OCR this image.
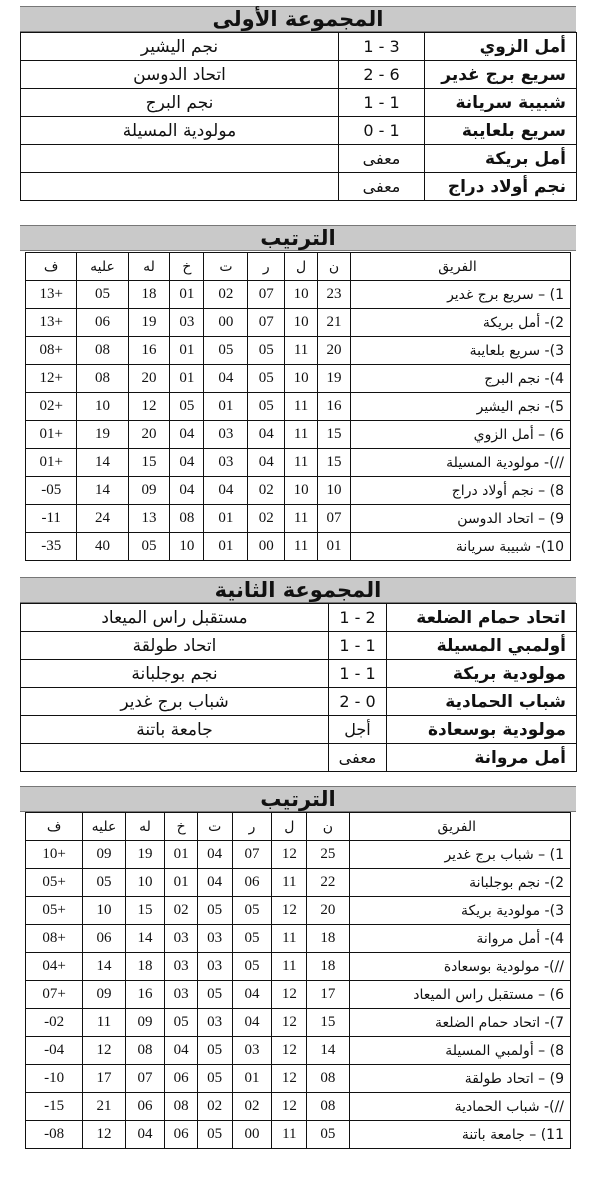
المجموعة الأولى
أمل الزوي	3 - 1	نجم اليشير
سريع برج غدير	6 - 2	اتحاد الدوسن
شبيبة سريانة	1 - 1	نجم البرج
سريع بلعايبة	1 - 0	مولودية المسيلة
أمل بريكة	معفى	
نجم أولاد دراج	معفى	
الترتيب
الفريق	ن	ل	ر	ت	خ	له	عليه	ف
1) – سريع برج غدير	23	10	07	02	01	18	05	+13
2)- أمل بريكة	21	10	07	00	03	19	06	+13
3)- سريع بلعايبة	20	11	05	05	01	16	08	+08
4)- نجم البرج	19	10	05	04	01	20	08	+12
5)- نجم اليشير	16	11	05	01	05	12	10	+02
6) – أمل الزوي	15	11	04	03	04	20	19	+01
//)- مولودية المسيلة	15	11	04	03	04	15	14	+01
8) – نجم أولاد دراج	10	10	02	04	04	09	14	05-
9) – اتحاد الدوسن	07	11	02	01	08	13	24	11-
10)- شبيبة سريانة	01	11	00	01	10	05	40	35-
المجموعة الثانية
اتحاد حمام الضلعة	2 - 1	مستقبل راس الميعاد
أولمبي المسيلة	1 - 1	اتحاد طولقة
مولودية بريكة	1 - 1	نجم بوجلبانة
شباب الحمادية	0 - 2	شباب برج غدير
مولودية بوسعادة	أجل	جامعة باتنة
أمل مروانة	معفى	
الترتيب
الفريق	ن	ل	ر	ت	خ	له	عليه	ف
1) – شباب برج غدير	25	12	07	04	01	19	09	+10
2)- نجم بوجلبانة	22	11	06	04	01	10	05	+05
3)- مولودية بريكة	20	12	05	05	02	15	10	+05
4)- أمل مروانة	18	11	05	03	03	14	06	+08
//)- مولودية بوسعادة	18	11	05	03	03	18	14	+04
6) – مستقبل راس الميعاد	17	12	04	05	03	16	09	+07
7)- اتحاد حمام الضلعة	15	12	04	03	05	09	11	02-
8) – أولمبي المسيلة	14	12	03	05	04	08	12	04-
9) – اتحاد طولقة	08	12	01	05	06	07	17	10-
//)- شباب الحمادية	08	12	02	02	08	06	21	15-
11) – جامعة باتنة	05	11	00	05	06	04	12	08-
